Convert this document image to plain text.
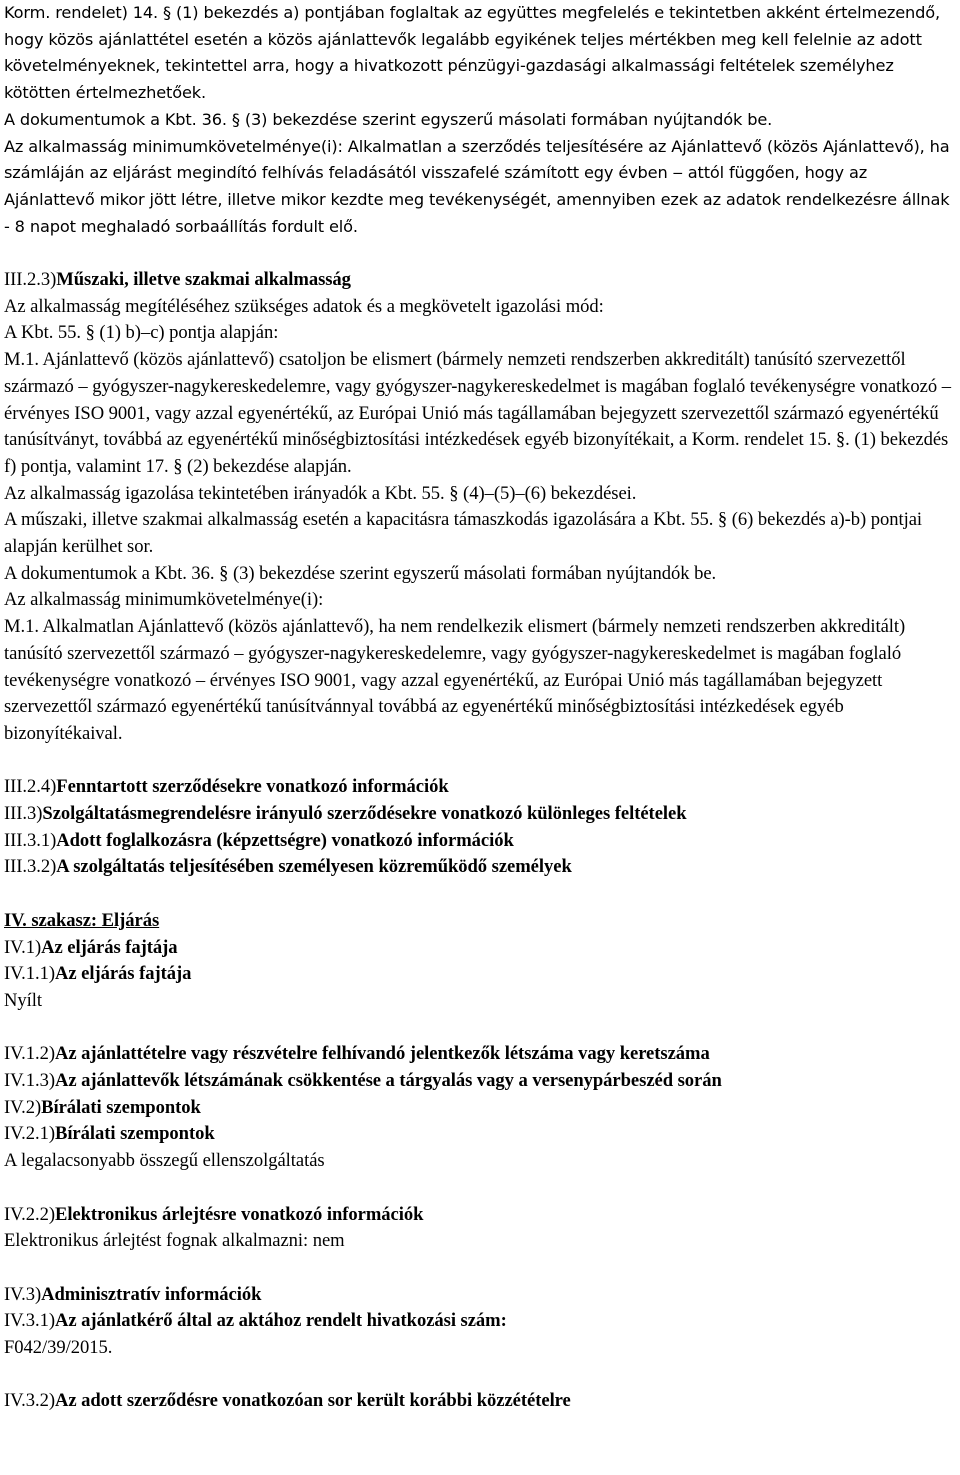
Korm. rendelet) 14. § (1) bekezdés a) pontjában foglaltak az együttes megfelelés e tekintetben akként értelmezendő, hogy közös ajánlattétel esetén a közös ajánlattevők legalább egyikének teljes mértékben meg kell felelnie az adott követelményeknek, tekintettel arra, hogy a hivatkozott pénzügyi-gazdasági alkalmassági feltételek személyhez kötötten értelmezhetőek.

A dokumentumok a Kbt. 36. § (3) bekezdése szerint egyszerű másolati formában nyújtandók be.

Az alkalmasság minimumkövetelménye(i): Alkalmatlan a szerződés teljesítésére az Ajánlattevő (közös Ajánlattevő), ha számláján az eljárást megindító felhívás feladásától visszafelé számított egy évben ‒ attól függően, hogy az Ajánlattevő mikor jött létre, illetve mikor kezdte meg tevékenységét, amennyiben ezek az adatok rendelkezésre állnak - 8 napot meghaladó sorbaállítás fordult elő.

III.2.3)Műszaki, illetve szakmai alkalmasság

Az alkalmasság megítéléséhez szükséges adatok és a megkövetelt igazolási mód:

A Kbt. 55. § (1) b)‒c) pontja alapján:

M.1. Ajánlattevő (közös ajánlattevő) csatoljon be elismert (bármely nemzeti rendszerben akkreditált) tanúsító szervezettől származó ‒ gyógyszer-nagykereskedelemre, vagy gyógyszer-nagykereskedelmet is magában foglaló tevékenységre vonatkozó ‒ érvényes ISO 9001, vagy azzal egyenértékű, az Európai Unió más tagállamában bejegyzett szervezettől származó egyenértékű tanúsítványt, továbbá az egyenértékű minőségbiztosítási intézkedések egyéb bizonyítékait, a Korm. rendelet 15. §. (1) bekezdés f) pontja, valamint 17. § (2) bekezdése alapján.

Az alkalmasság igazolása tekintetében irányadók a Kbt. 55. § (4)‒(5)‒(6) bekezdései.

A műszaki, illetve szakmai alkalmasság esetén a kapacitásra támaszkodás igazolására a Kbt. 55. § (6) bekezdés a)-b) pontjai alapján kerülhet sor.

A dokumentumok a Kbt. 36. § (3) bekezdése szerint egyszerű másolati formában nyújtandók be.

Az alkalmasság minimumkövetelménye(i):

M.1. Alkalmatlan Ajánlattevő (közös ajánlattevő), ha nem rendelkezik elismert (bármely nemzeti rendszerben akkreditált) tanúsító szervezettől származó ‒ gyógyszer-nagykereskedelemre, vagy gyógyszer-nagykereskedelmet is magában foglaló tevékenységre vonatkozó ‒ érvényes ISO 9001, vagy azzal egyenértékű, az Európai Unió más tagállamában bejegyzett szervezettől származó egyenértékű tanúsítvánnyal továbbá az egyenértékű minőségbiztosítási intézkedések egyéb bizonyítékaival.

III.2.4)Fenntartott szerződésekre vonatkozó információk

III.3)Szolgáltatásmegrendelésre irányuló szerződésekre vonatkozó különleges feltételek

III.3.1)Adott foglalkozásra (képzettségre) vonatkozó információk

III.3.2)A szolgáltatás teljesítésében személyesen közreműködő személyek

IV. szakasz: Eljárás

IV.1)Az eljárás fajtája

IV.1.1)Az eljárás fajtája

Nyílt

IV.1.2)Az ajánlattételre vagy részvételre felhívandó jelentkezők létszáma vagy keretszáma

IV.1.3)Az ajánlattevők létszámának csökkentése a tárgyalás vagy a versenypárbeszéd során

IV.2)Bírálati szempontok

IV.2.1)Bírálati szempontok

A legalacsonyabb összegű ellenszolgáltatás

IV.2.2)Elektronikus árlejtésre vonatkozó információk

Elektronikus árlejtést fognak alkalmazni: nem

IV.3)Adminisztratív információk

IV.3.1)Az ajánlatkérő által az aktához rendelt hivatkozási szám:

F042/39/2015.

IV.3.2)Az adott szerződésre vonatkozóan sor került korábbi közzétételre
